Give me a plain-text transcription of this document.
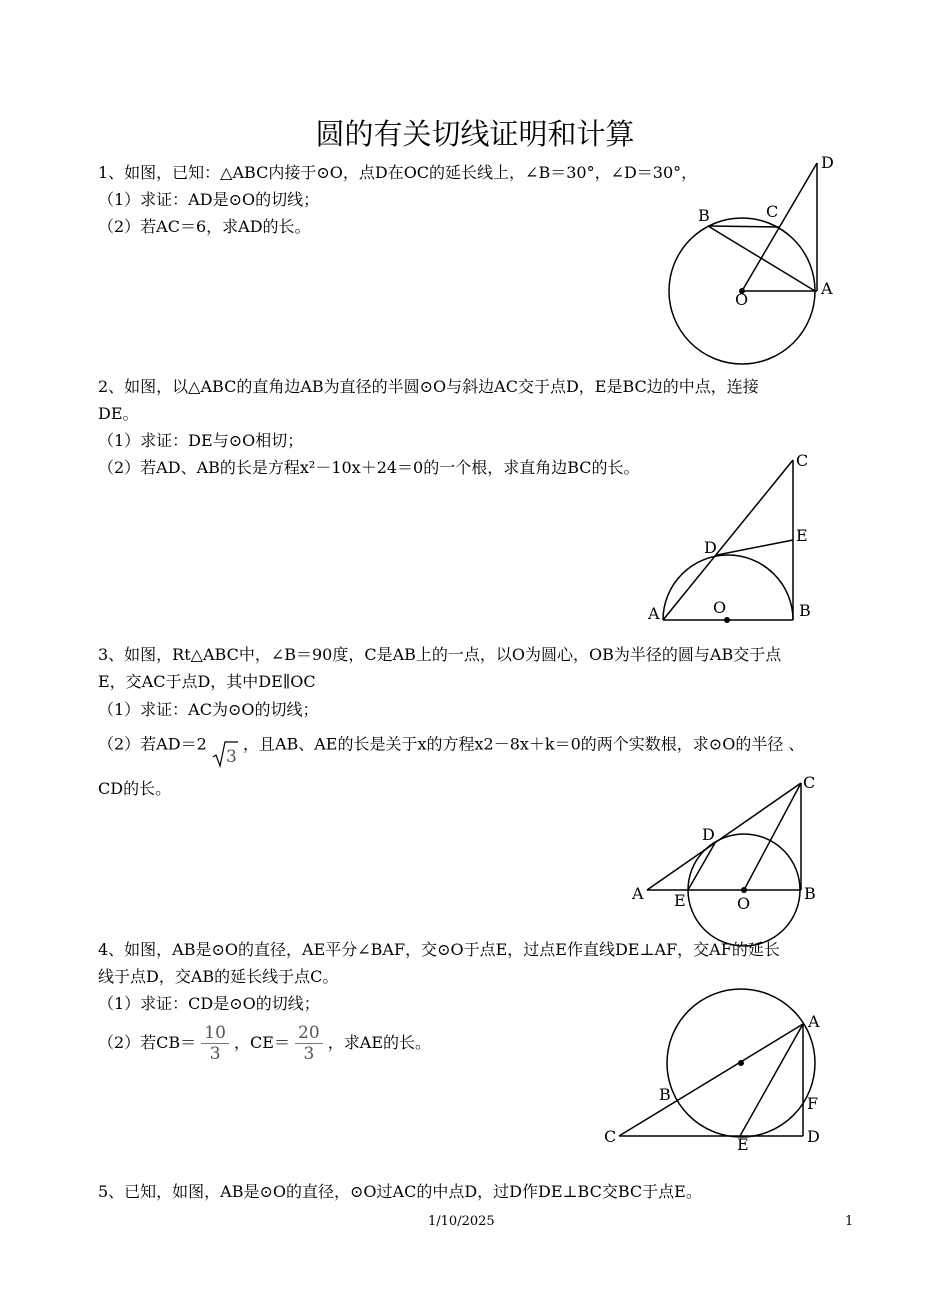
圆的有关切线证明和计算
1、如图，已知：△ABC内接于⊙O，点D在OC的延长线上，∠B＝30°，∠D＝30°，
（1）求证：AD是⊙O的切线；
（2）若AC＝6，求AD的长。
D
B	C
A
O
2、如图，以△ABC的直角边AB为直径的半圆⊙O与斜边AC交于点D，E是BC边的中点，连接
DE。
（1）求证：DE与⊙O相切；
（2）若AD、AB的长是方程x²－10x＋24＝0的一个根，求直角边BC的长。	C
E
D
A	O	B
3、如图，Rt△ABC中，∠B＝90度，C是AB上的一点，以O为圆心，OB为半径的圆与AB交于点
E，交AC于点D，其中DE∥OC
（1）求证：AC为⊙O的切线；
（2）若AD＝2
3
，且AB、AE的长是关于x的方程x2－8x＋k＝0的两个实数根，求⊙O的半径 、
CD的长。	C
D
A E	O
B
4、如图，AB是⊙O的直径，AE平分∠BAF，交⊙O于点E，过点E作直线DE⊥AF，交AF的延长
线于点D，交AB的延长线于点C。
（1）求证：CD是⊙O的切线；
（2）若$CB= \frac{10}{3}$ ，$CE= \frac{20}{3}$ ，求AE的长。
A
B	F
C	E	D
5、已知，如图，AB是⊙O的直径，⊙O过AC的中点D，过D作DE⊥BC交BC于点E。
1/10/2025	1
